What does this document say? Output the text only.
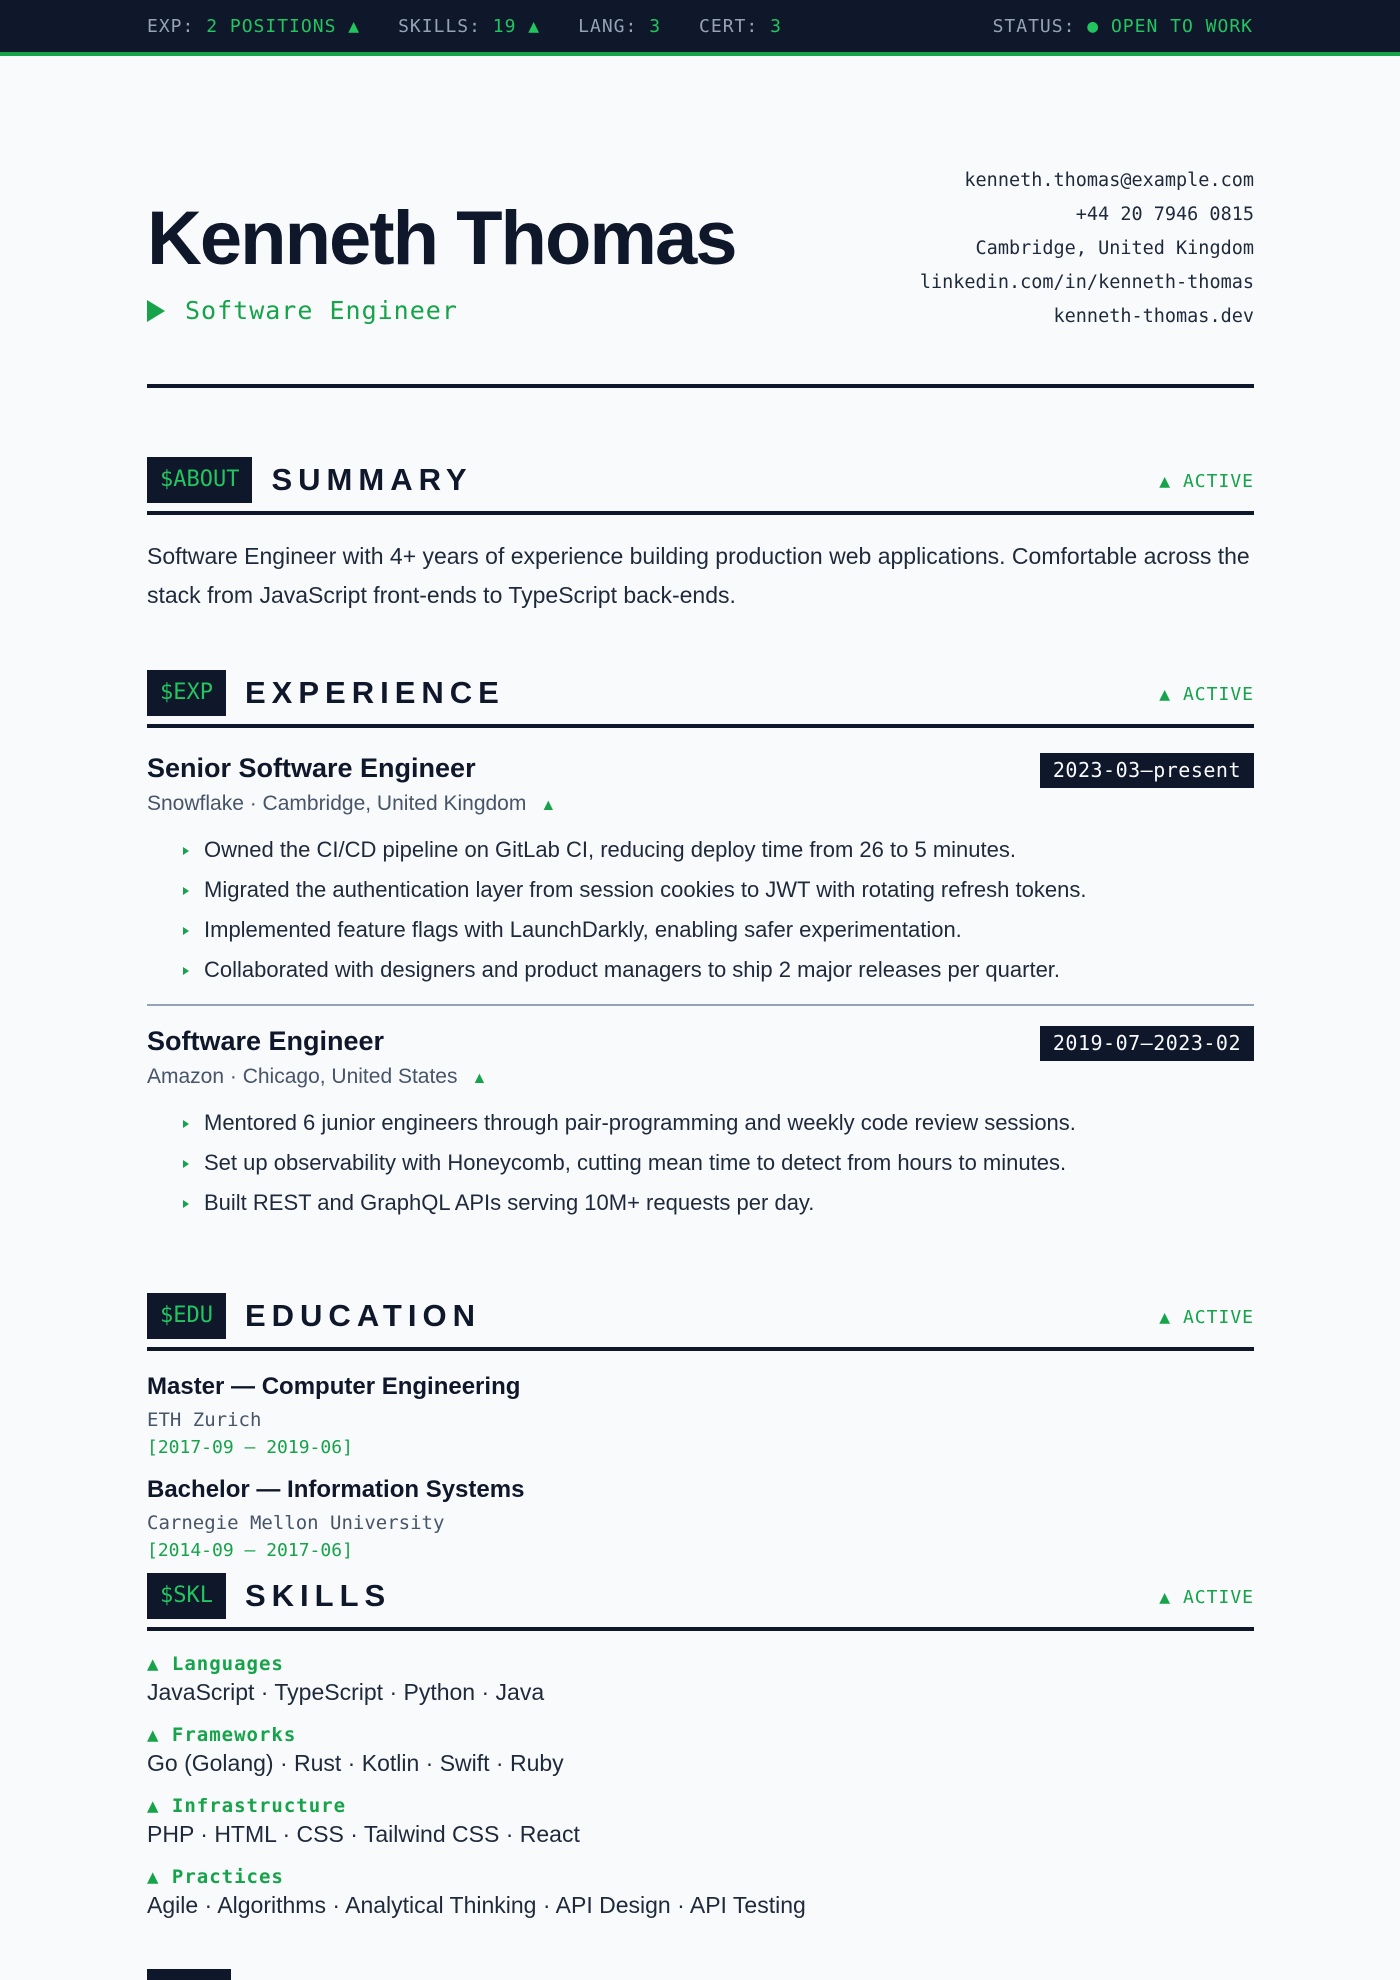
EXP: 2 POSITIONS ▲ SKILLS: 19 ▲ LANG: 3 CERT: 3	STATUS: ● OPEN TO WORK
Kenneth Thomas
Software Engineer
kenneth.thomas@example.com
+44 20 7946 0815
Cambridge, United Kingdom
linkedin.com/in/kenneth-thomas
kenneth-thomas.dev
$ABOUT	SUMMARY	▲ ACTIVE

Software Engineer with 4+ years of experience building production web applications. Comfortable across the stack from JavaScript front-ends to TypeScript back-ends.

$EXP	EXPERIENCE	▲ ACTIVE
Senior Software Engineer	2023-03—present
Snowflake · Cambridge, United Kingdom ▲
Owned the CI/CD pipeline on GitLab CI, reducing deploy time from 26 to 5 minutes.
Migrated the authentication layer from session cookies to JWT with rotating refresh tokens.
Implemented feature flags with LaunchDarkly, enabling safer experimentation.
Collaborated with designers and product managers to ship 2 major releases per quarter.
Software Engineer	2019-07—2023-02
Amazon · Chicago, United States ▲
Mentored 6 junior engineers through pair-programming and weekly code review sessions.
Set up observability with Honeycomb, cutting mean time to detect from hours to minutes.
Built REST and GraphQL APIs serving 10M+ requests per day.
$EDU	EDUCATION	▲ ACTIVE
Master — Computer Engineering
ETH Zurich
[2017-09 – 2019-06]
Bachelor — Information Systems
Carnegie Mellon University
[2014-09 – 2017-06]
$SKL	SKILLS	▲ ACTIVE
▲ Languages
JavaScript · TypeScript · Python · Java
▲ Frameworks
Go (Golang) · Rust · Kotlin · Swift · Ruby
▲ Infrastructure
PHP · HTML · CSS · Tailwind CSS · React
▲ Practices
Agile · Algorithms · Analytical Thinking · API Design · API Testing
